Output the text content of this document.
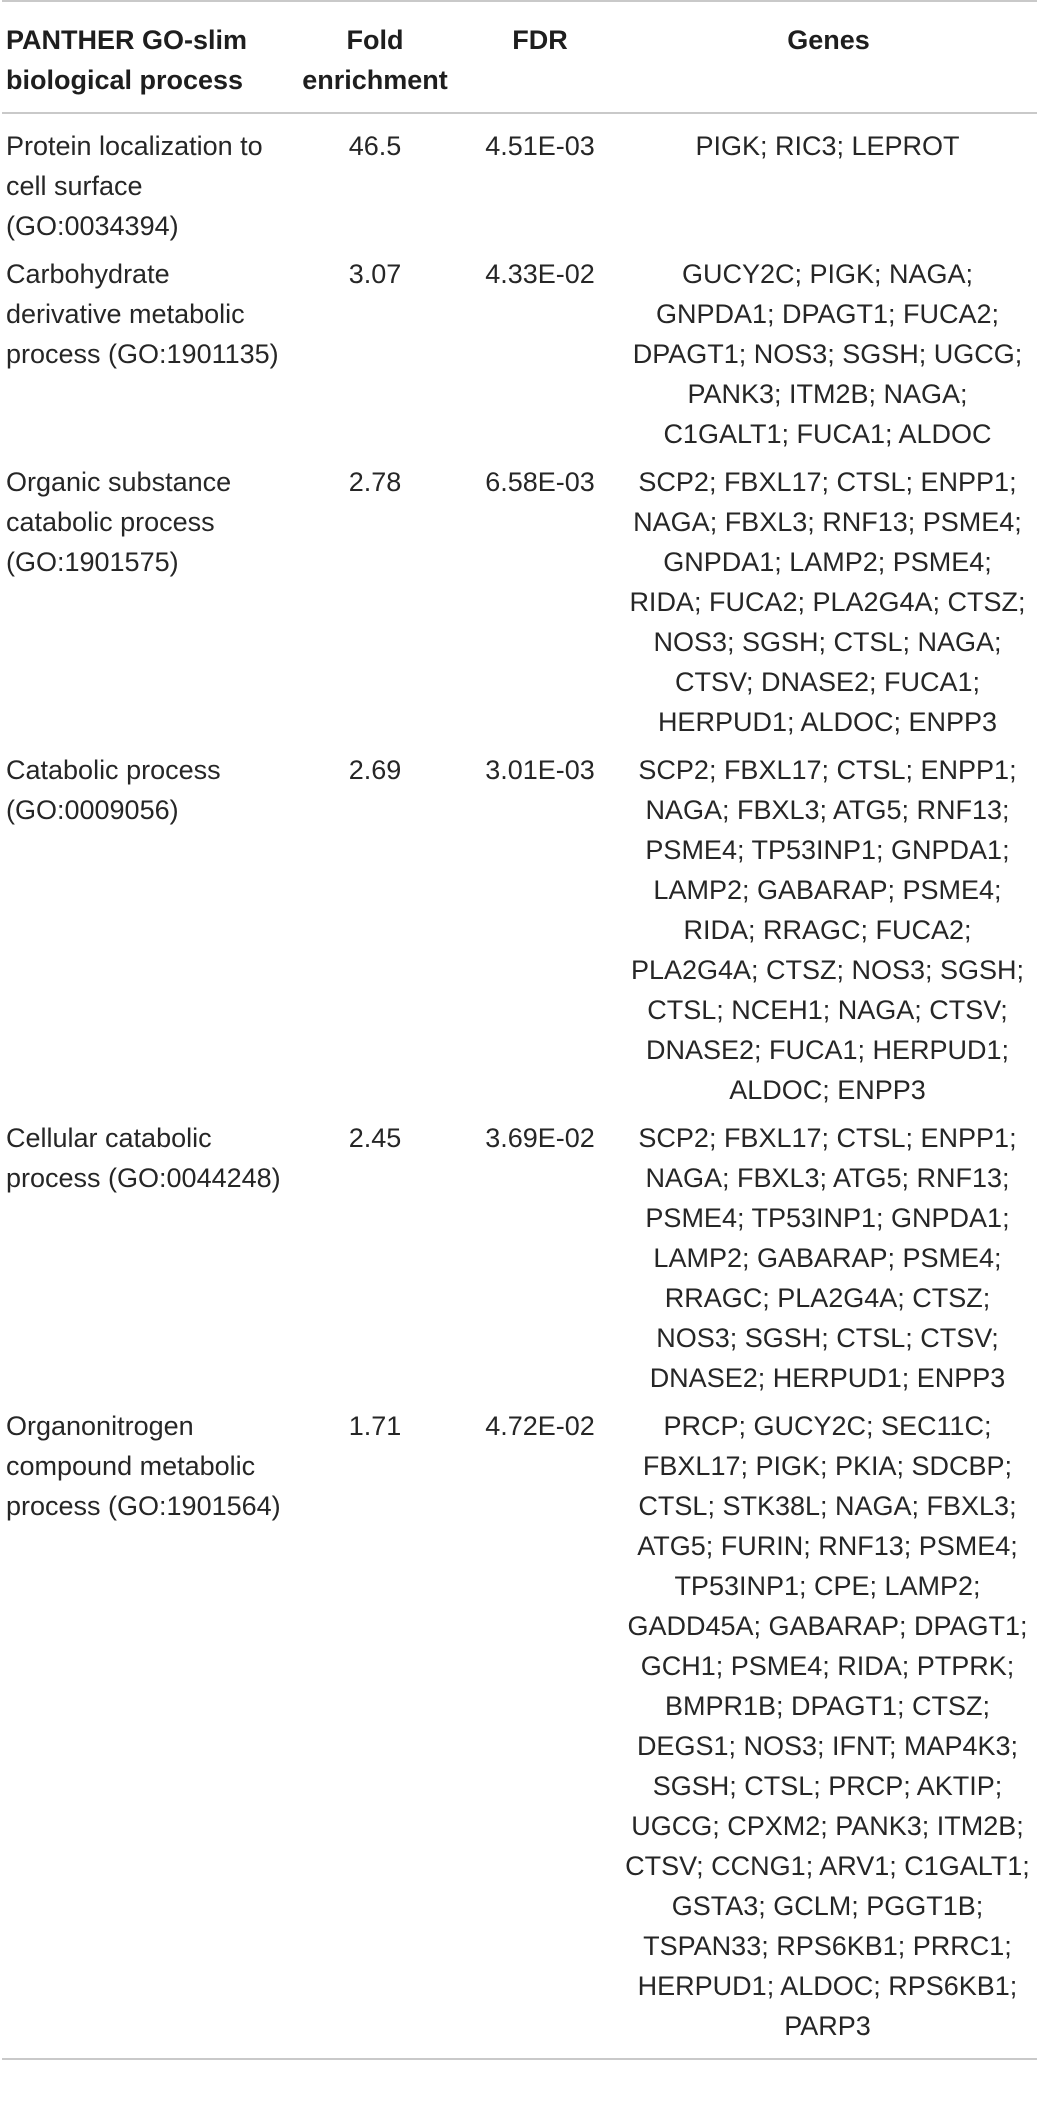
PANTHER GO-slim biological process	Fold enrichment	FDR	Genes
Protein localization to cell surface (GO:0034394)	46.5	4.51E-03	PIGK; RIC3; LEPROT
Carbohydrate derivative metabolic process (GO:1901135)	3.07	4.33E-02	GUCY2C; PIGK; NAGA; GNPDA1; DPAGT1; FUCA2; DPAGT1; NOS3; SGSH; UGCG; PANK3; ITM2B; NAGA; C1GALT1; FUCA1; ALDOC
Organic substance catabolic process (GO:1901575)	2.78	6.58E-03	SCP2; FBXL17; CTSL; ENPP1; NAGA; FBXL3; RNF13; PSME4; GNPDA1; LAMP2; PSME4; RIDA; FUCA2; PLA2G4A; CTSZ; NOS3; SGSH; CTSL; NAGA; CTSV; DNASE2; FUCA1; HERPUD1; ALDOC; ENPP3
Catabolic process (GO:0009056)	2.69	3.01E-03	SCP2; FBXL17; CTSL; ENPP1; NAGA; FBXL3; ATG5; RNF13; PSME4; TP53INP1; GNPDA1; LAMP2; GABARAP; PSME4; RIDA; RRAGC; FUCA2; PLA2G4A; CTSZ; NOS3; SGSH; CTSL; NCEH1; NAGA; CTSV; DNASE2; FUCA1; HERPUD1; ALDOC; ENPP3
Cellular catabolic process (GO:0044248)	2.45	3.69E-02	SCP2; FBXL17; CTSL; ENPP1; NAGA; FBXL3; ATG5; RNF13; PSME4; TP53INP1; GNPDA1; LAMP2; GABARAP; PSME4; RRAGC; PLA2G4A; CTSZ; NOS3; SGSH; CTSL; CTSV; DNASE2; HERPUD1; ENPP3
Organonitrogen compound metabolic process (GO:1901564)	1.71	4.72E-02	PRCP; GUCY2C; SEC11C; FBXL17; PIGK; PKIA; SDCBP; CTSL; STK38L; NAGA; FBXL3; ATG5; FURIN; RNF13; PSME4; TP53INP1; CPE; LAMP2; GADD45A; GABARAP; DPAGT1; GCH1; PSME4; RIDA; PTPRK; BMPR1B; DPAGT1; CTSZ; DEGS1; NOS3; IFNT; MAP4K3; SGSH; CTSL; PRCP; AKTIP; UGCG; CPXM2; PANK3; ITM2B; CTSV; CCNG1; ARV1; C1GALT1; GSTA3; GCLM; PGGT1B; TSPAN33; RPS6KB1; PRRC1; HERPUD1; ALDOC; RPS6KB1; PARP3
